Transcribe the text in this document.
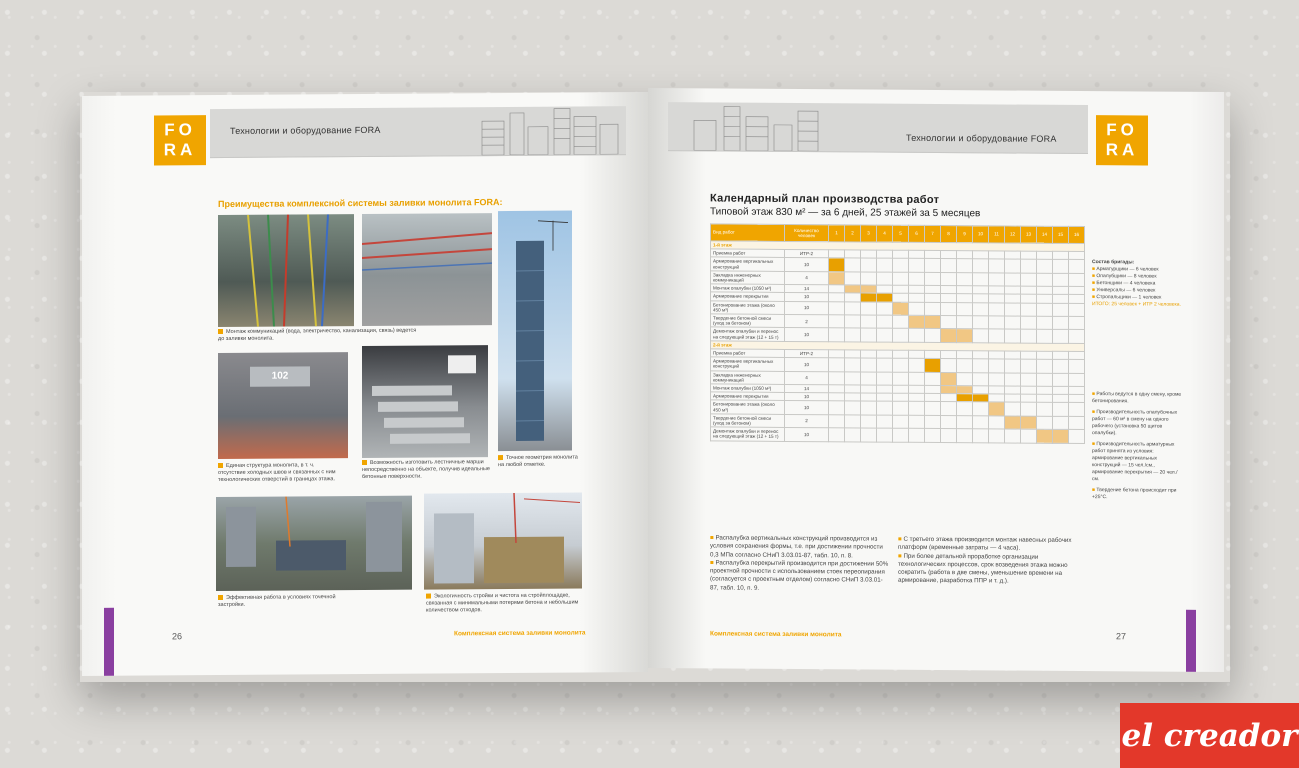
FO
RA
Технологии и оборудование FORA
Преимущества комплексной системы заливки монолита FORA:
Монтаж коммуникаций (вода, электричество, канализация, связь) ведется до заливки монолита.
102
Единая структура монолита, в т. ч. отсутствие холодных швов и связанных с ним технологических отверстий в границах этажа.
Возможность изготовить лестничные марши непосредственно на объекте, получив идеальные бетонные поверхности.
Точное геометрия монолита на любой отметке.
Эффективная работа в условиях точечной застройки.
Экологичность стройки и чистота на стройплощадке, связанная с минимальными потерями бетона и небольшим количеством отходов.
26	Комплексная система заливки монолита
Технологии и оборудование FORA	FO
RA
Календарный план производства работ
Типовой этаж 830 м² — за 6 дней, 25 этажей за 5 месяцев
Вид работ	Количество человек	1	2	3	4	5	6	7	8	9	10	11	12	13	14	15	16
1-й этаж																	
Приемка работ	ИТР-2																
Армирование вертикальных конструкций	10																
Закладка инженерных коммуникаций	4																
Монтаж опалубки (1050 м²)	14																
Армирование перекрытия	10																
Бетонирование этажа (около 450 м³)	10																
Твердение бетонной смеси (уход за бетоном)	2																
Демонтаж опалубки и перенос на следующий этаж (12 + 15 т)	10																
2-й этаж																	
Приемка работ	ИТР-2																
Армирование вертикальных конструкций	10																
Закладка инженерных коммуникаций	4																
Монтаж опалубки (1050 м²)	14																
Армирование перекрытия	10																
Бетонирование этажа (около 450 м³)	10																
Твердение бетонной смеси (уход за бетоном)	2																
Демонтаж опалубки и перенос на следующий этаж (12 + 15 т)	10																
Состав бригады:
■ Арматурщики — 6 человек
■ Опалубщики — 8 человек
■ Бетонщики — 4 человека
■ Универсалы — 6 человек
■ Стропальщики — 1 человек
ИТОГО: 25 человек + ИТР 2 человека.
■ Работы ведутся в одну смену, кроме бетонирования.
■ Производительность опалубочных работ — 60 м² в смену на одного рабочего (установка 50 щитов опалубки).
■ Производительность арматурных работ принята из условия: армирование вертикальных конструкций — 15 чел./см., армирование перекрытия — 20 чел./см.
■ Твердение бетона происходит при +25°С.
■ Распалубка вертикальных конструкций производится из условия сохранения формы, т.е. при достижении прочности 0,3 МПа согласно СНиП 3.03.01-87, табл. 10, п. 8.
■ Распалубка перекрытий производится при достижении 50% проектной прочности с использованием стоек переопирания (согласуется с проектным отделом) согласно СНиП 3.03.01-87, табл. 10, п. 9.
■ С третьего этажа производится монтаж навесных рабочих платформ (временные затраты — 4 часа).
■ При более детальной проработке организации технологических процессов, срок возведения этажа можно сократить (работа в две смены, уменьшение времени на армирование, разработка ППР и т. д.).
Комплексная система заливки монолита	27
el creador
